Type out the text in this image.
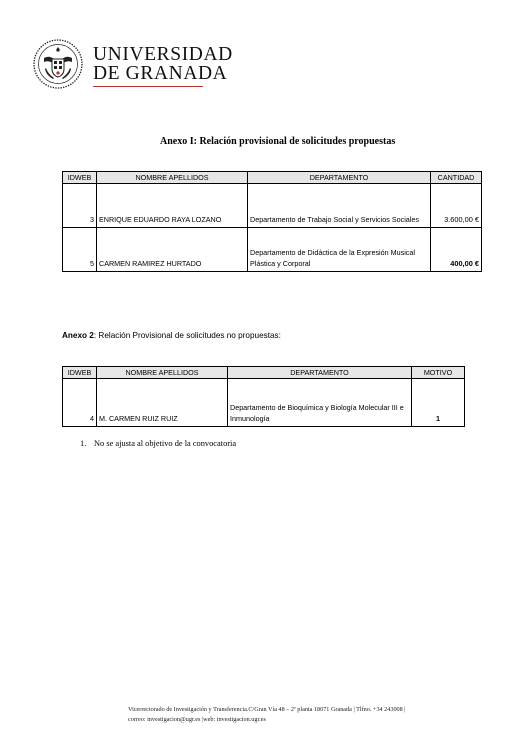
UNIVERSIDAD
DE GRANADA
Anexo I: Relación provisional de solicitudes propuestas
IDWEB	NOMBRE APELLIDOS	DEPARTAMENTO	CANTIDAD
3	ENRIQUE EDUARDO RAYA LOZANO	Departamento de Trabajo Social y Servicios Sociales	3.600,00 €
5	CARMEN RAMIREZ HURTADO	Departamento de Didáctica de la Expresión Musical Plástica y Corporal	400,00 €
Anexo 2: Relación Provisional de solicitudes no propuestas:
IDWEB	NOMBRE APELLIDOS	DEPARTAMENTO	MOTIVO
4	M. CARMEN RUIZ RUIZ	Departamento de Bioquímica y Biología Molecular III e Inmunología	1
1. No se ajusta al objetivo de la convocatoria
Vicerrectorado de Investigación y Transferencia.C/Gran Vía 48 – 2ª planta 18071 Granada | Tlfno. +34 243008 |
correo: investigacion@ugr.es |web: investigacion.ugr.es
